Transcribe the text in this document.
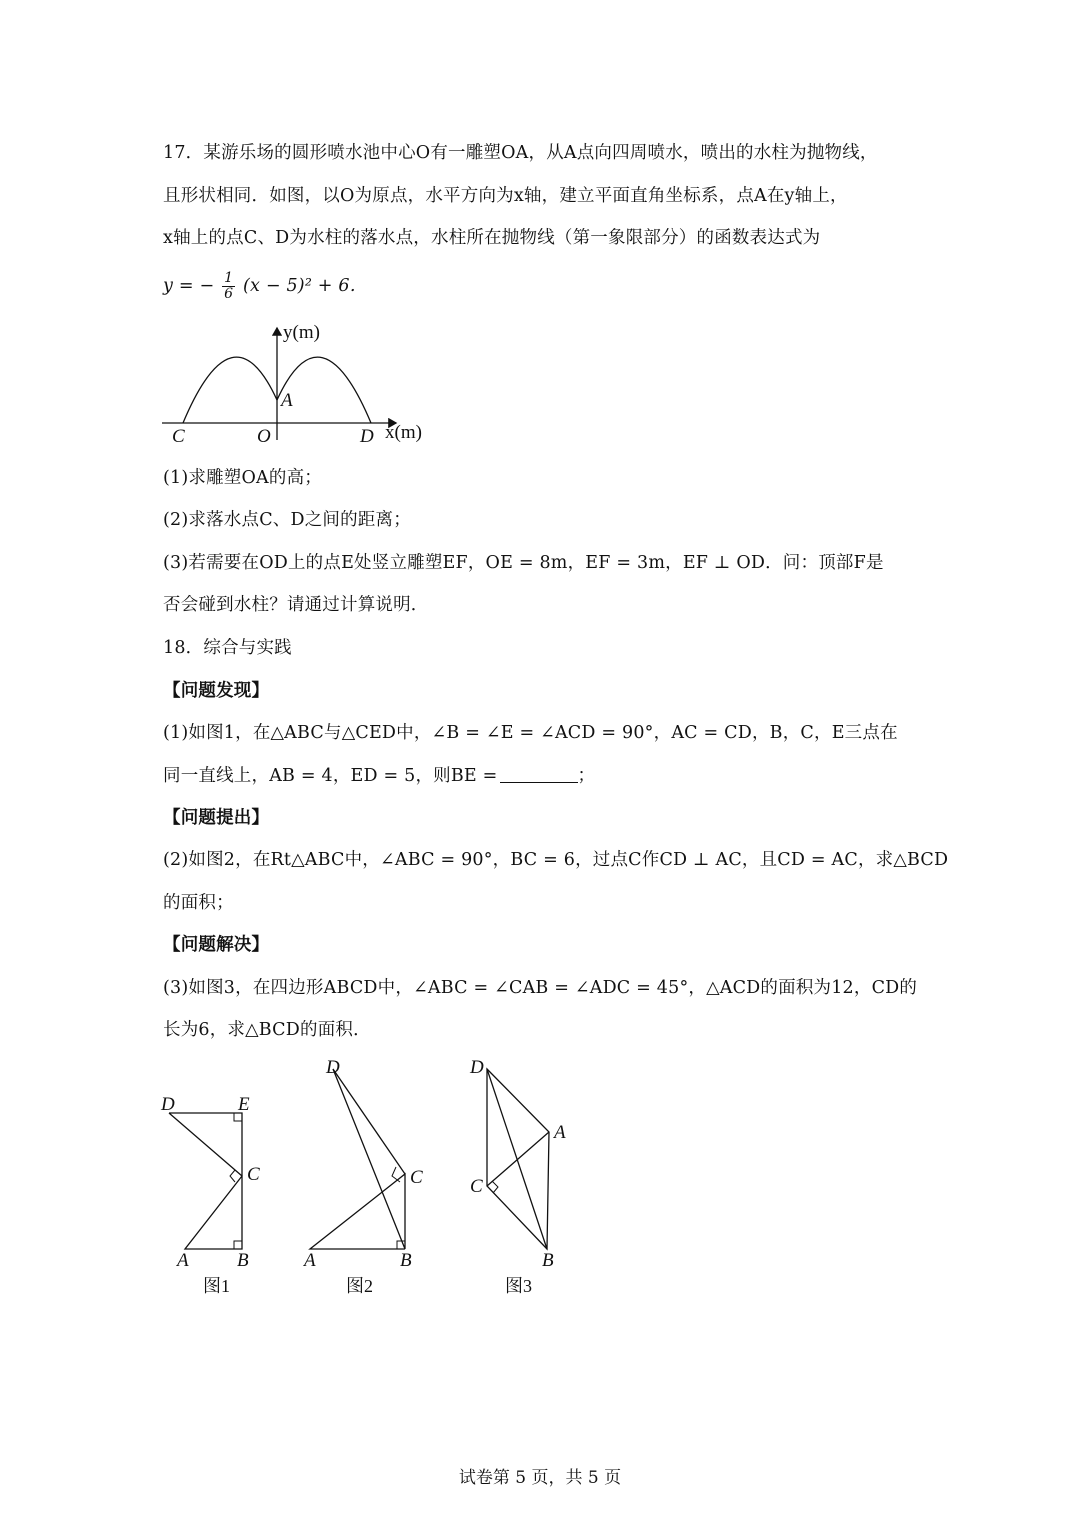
17．某游乐场的圆形喷水池中心O有一雕塑OA，从A点向四周喷水，喷出的水柱为抛物线，
且形状相同．如图，以O为原点，水平方向为x轴，建立平面直角坐标系，点A在y轴上，
x轴上的点C、D为水柱的落水点，水柱所在抛物线（第一象限部分）的函数表达式为
y = − $\frac{1}{6} (x - 5)^2 + 6$．
y(m)
x(m)
A
C	O	D
(1)求雕塑OA的高；
(2)求落水点C、D之间的距离；
(3)若需要在OD上的点E处竖立雕塑EF，OE = 8m，EF = 3m，EF ⊥ OD．问：顶部F是
否会碰到水柱？请通过计算说明．
18．综合与实践
【问题发现】
(1)如图1，在△ABC与△CED中，∠B = ∠E = ∠ACD = 90°，AC = CD，B，C，E三点在
同一直线上，AB = 4，ED = 5，则BE =	；
【问题提出】
(2)如图2，在Rt△ABC中，∠ABC = 90°，BC = 6，过点C作CD ⊥ AC，且CD = AC，求△BCD
的面积；
【问题解决】
(3)如图3，在四边形ABCD中，∠ABC = ∠CAB = ∠ADC = 45°，△ACD的面积为12，CD的
长为6，求△BCD的面积．
D	E
C
A	B
图1
D
C
A	B
图2
D
A
C
B
图3
试卷第 5 页，共 5 页
